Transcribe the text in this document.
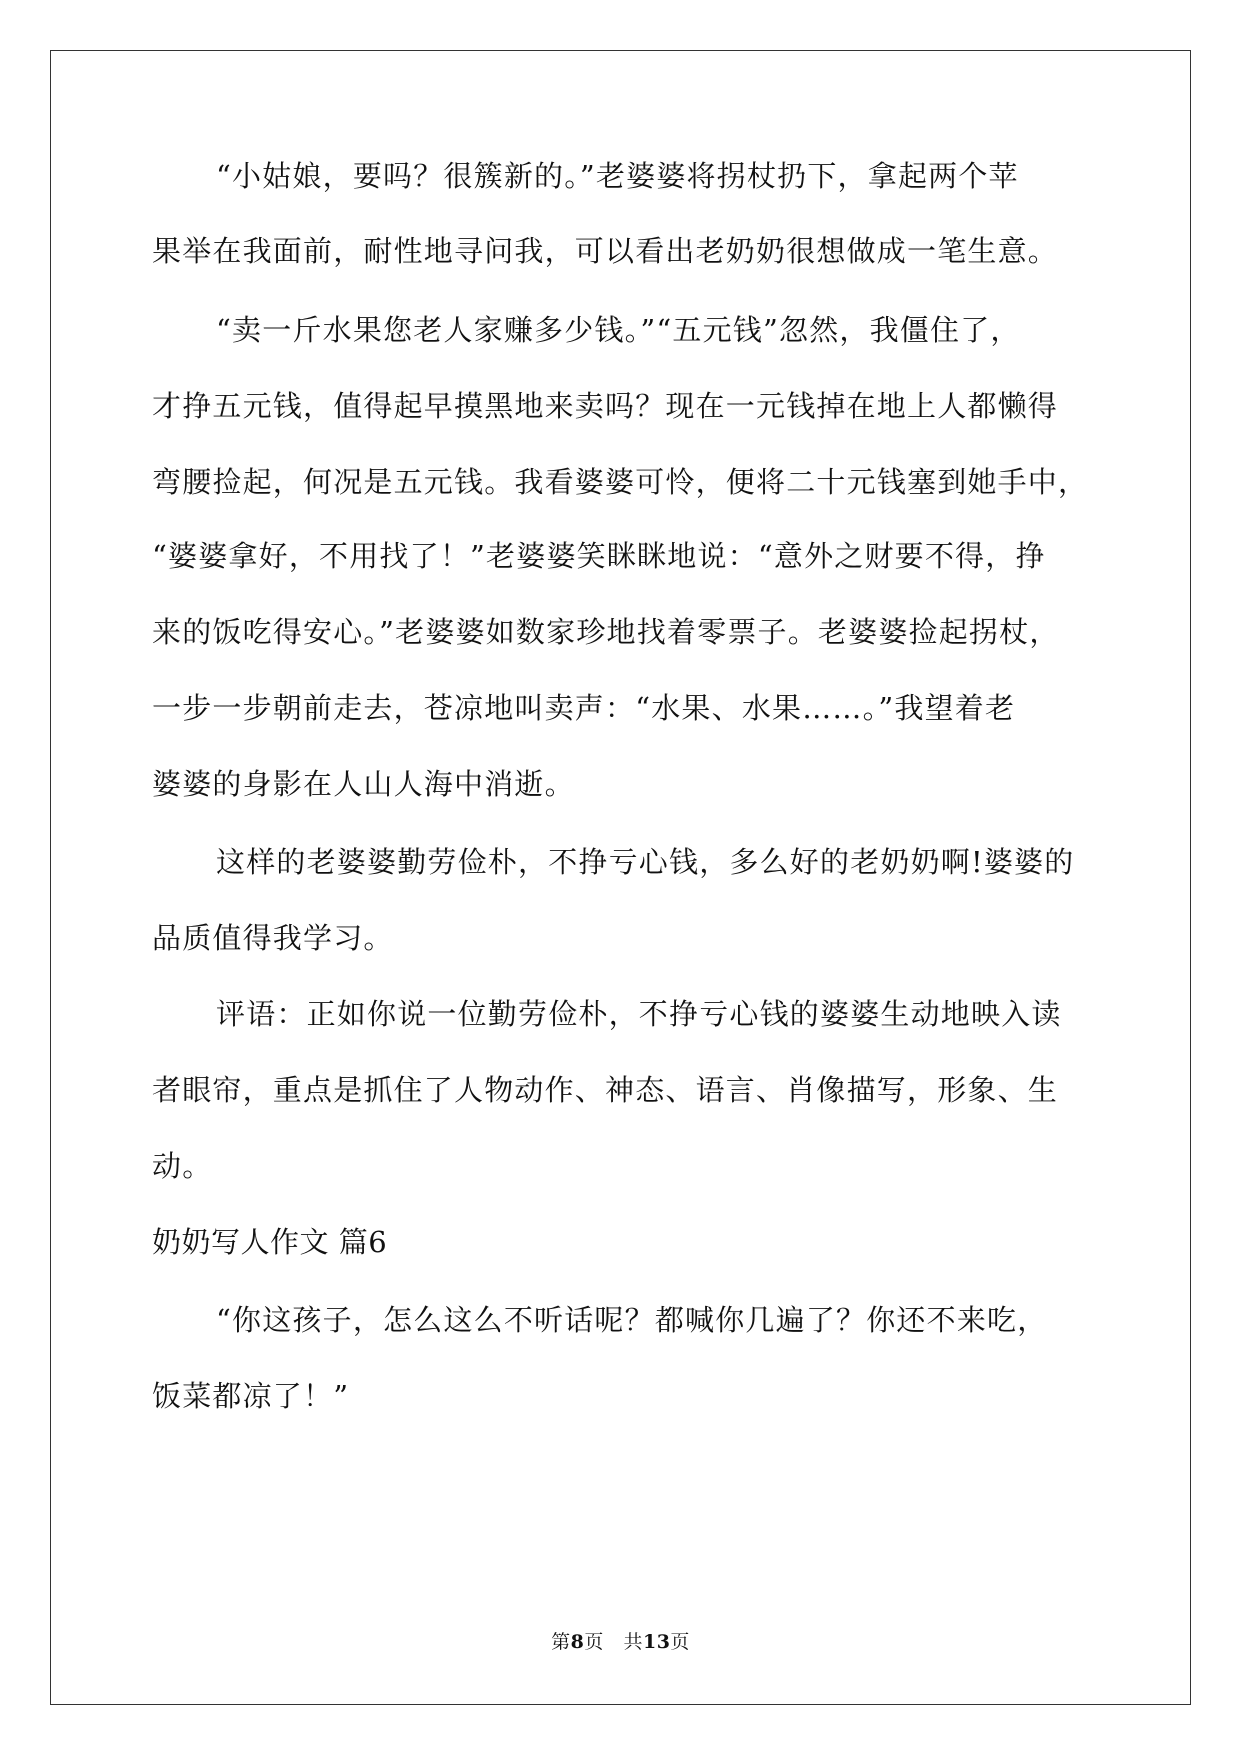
“小姑娘，要吗？很簇新的。”老婆婆将拐杖扔下，拿起两个苹
果举在我面前，耐性地寻问我，可以看出老奶奶很想做成一笔生意。
“卖一斤水果您老人家赚多少钱。”“五元钱”忽然，我僵住了，
才挣五元钱，值得起早摸黑地来卖吗？现在一元钱掉在地上人都懒得
弯腰捡起，何况是五元钱。我看婆婆可怜，便将二十元钱塞到她手中，
“婆婆拿好，不用找了！”老婆婆笑眯眯地说：“意外之财要不得，挣
来的饭吃得安心。”老婆婆如数家珍地找着零票子。老婆婆捡起拐杖，
一步一步朝前走去，苍凉地叫卖声：“水果、水果……。”我望着老
婆婆的身影在人山人海中消逝。
这样的老婆婆勤劳俭朴，不挣亏心钱，多么好的老奶奶啊!婆婆的
品质值得我学习。
评语：正如你说一位勤劳俭朴，不挣亏心钱的婆婆生动地映入读
者眼帘，重点是抓住了人物动作、神态、语言、肖像描写，形象、生
动。
奶奶写人作文 篇6
“你这孩子，怎么这么不听话呢？都喊你几遍了？你还不来吃，
饭菜都凉了！”
第8页 共13页
